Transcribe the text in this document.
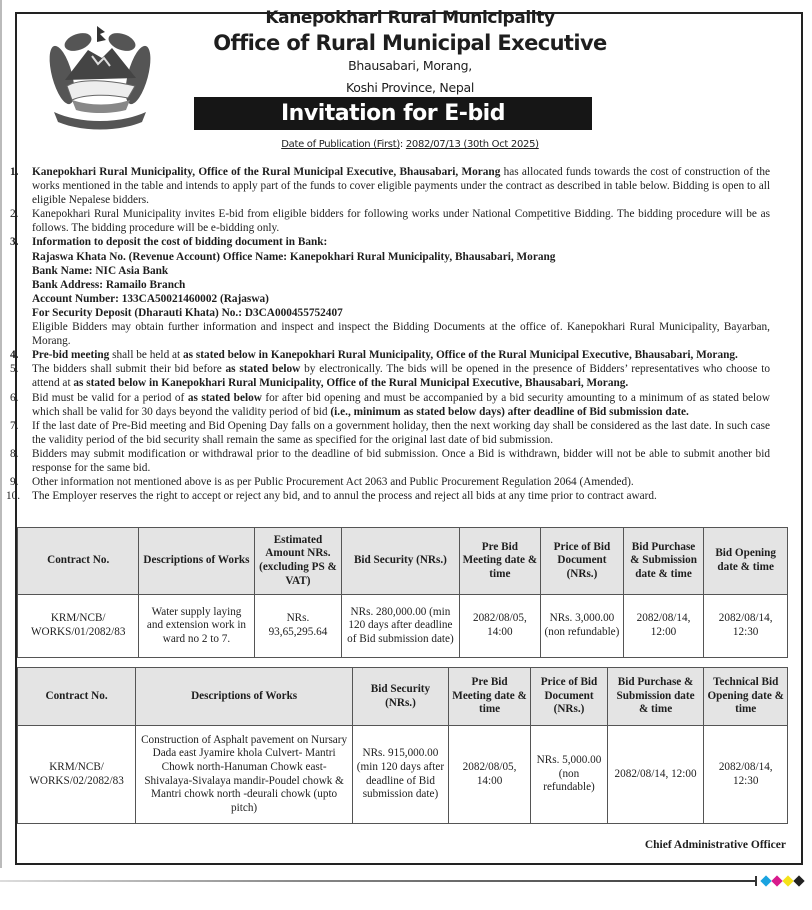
Kanepokhari Rural Municipality
Office of Rural Municipal Executive
Bhausabari, Morang,
Koshi Province, Nepal
Invitation for E-bid
Date of Publication (First): 2082/07/13 (30th Oct 2025)
1.	Kanepokhari Rural Municipality, Office of the Rural Municipal Executive, Bhausabari, Morang has allocated funds towards the cost of construction of the works mentioned in the table and intends to apply part of the funds to cover eligible payments under the contract as described in table below. Bidding is open to all eligible Nepalese bidders.
2.	Kanepokhari Rural Municipality invites E-bid from eligible bidders for following works under National Competitive Bidding. The bidding procedure will be as follows. The bidding procedure will be e-bidding only.
3.	Information to deposit the cost of bidding document in Bank:
Rajaswa Khata No. (Revenue Account) Office Name: Kanepokhari Rural Municipality, Bhausabari, Morang
Bank Name: NIC Asia Bank
Bank Address: Ramailo Branch
Account Number: 133CA50021460002 (Rajaswa)
For Security Deposit (Dharauti Khata) No.: D3CA000455752407
Eligible Bidders may obtain further information and inspect and inspect the Bidding Documents at the office of. Kanepokhari Rural Municipality, Bayarban, Morang.
4.	Pre-bid meeting shall be held at as stated below in Kanepokhari Rural Municipality, Office of the Rural Municipal Executive, Bhausabari, Morang.
5.	The bidders shall submit their bid before as stated below by electronically. The bids will be opened in the presence of Bidders’ representatives who choose to attend at as stated below in Kanepokhari Rural Municipality, Office of the Rural Municipal Executive, Bhausabari, Morang.
6.	Bid must be valid for a period of as stated below for after bid opening and must be accompanied by a bid security amounting to a minimum of as stated below which shall be valid for 30 days beyond the validity period of bid (i.e., minimum as stated below days) after deadline of Bid submission date.
7.	If the last date of Pre-Bid meeting and Bid Opening Day falls on a government holiday, then the next working day shall be considered as the last date. In such case the validity period of the bid security shall remain the same as specified for the original last date of bid submission.
8.	Bidders may submit modification or withdrawal prior to the deadline of bid submission. Once a Bid is withdrawn, bidder will not be able to submit another bid response for the same bid.
9.	Other information not mentioned above is as per Public Procurement Act 2063 and Public Procurement Regulation 2064 (Amended).
10.	The Employer reserves the right to accept or reject any bid, and to annul the process and reject all bids at any time prior to contract award.
Contract No.	Descriptions of Works	Estimated Amount NRs. (excluding PS & VAT)	Bid Security (NRs.)	Pre Bid Meeting date & time	Price of Bid Document (NRs.)	Bid Purchase & Submission date & time	Bid Opening date & time
KRM/NCB/ WORKS/01/2082/83	Water supply laying and extension work in ward no 2 to 7.	NRs. 93,65,295.64	NRs. 280,000.00 (min 120 days after deadline of Bid submission date)	2082/08/05, 14:00	NRs. 3,000.00 (non refundable)	2082/08/14, 12:00	2082/08/14, 12:30
Contract No.	Descriptions of Works	Bid Security (NRs.)	Pre Bid Meeting date & time	Price of Bid Document (NRs.)	Bid Purchase & Submission date & time	Technical Bid Opening date & time
KRM/NCB/ WORKS/02/2082/83	Construction of Asphalt pavement on Nursary Dada east Jyamire khola Culvert- Mantri Chowk north-Hanuman Chowk east-Shivalaya-Sivalaya mandir-Poudel chowk & Mantri chowk north -deurali chowk (upto pitch)	NRs. 915,000.00 (min 120 days after deadline of Bid submission date)	2082/08/05, 14:00	NRs. 5,000.00 (non refundable)	2082/08/14, 12:00	2082/08/14, 12:30
Chief Administrative Officer
